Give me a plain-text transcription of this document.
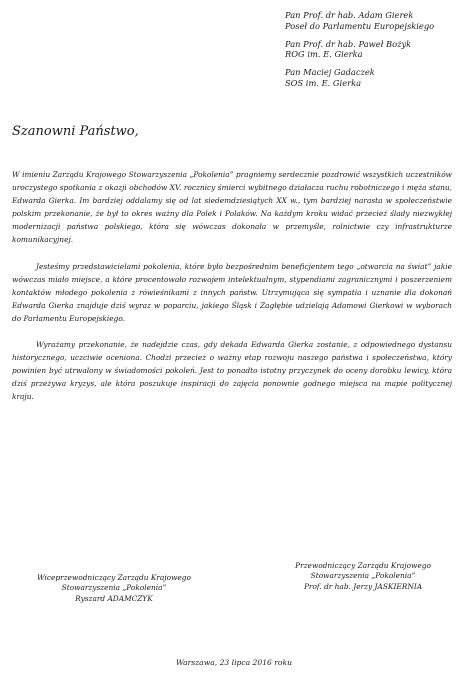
Pan Prof. dr hab. Adam Gierek
Poseł do Parlamentu Europejskiego
Pan Prof. dr hab. Paweł Bożyk
ROG im. E. Gierka
Pan Maciej Gadaczek
SOS im. E. Gierka
Szanowni Państwo,

W imieniu Zarządu Krajowego Stowarzyszenia „Pokolenia” pragniemy serdecznie pozdrowić wszystkich uczestników uroczystego spotkania z okazji obchodów XV. rocznicy śmierci wybitnego działacza ruchu robotniczego i męża stanu, Edwarda Gierka. Im bardziej oddalamy się od lat siedemdziesiątych XX w., tym bardziej narasta w społeczeństwie polskim przekonanie, że był to okres ważny dla Polek i Polaków. Na każdym kroku widać przecież ślady niezwykłej modernizacji państwa polskiego, która się wówczas dokonała w przemyśle, rolnictwie czy infrastrukturze komunikacyjnej.

Jesteśmy przedstawicielami pokolenia, które było bezpośrednim beneficjentem tego „otwarcia na świat” jakie wówczas miało miejsce, a które procentowało rozwojem intelektualnym, stypendiami zagranicznymi i poszerzeniem kontaktów młodego pokolenia z rówieśnikami z innych państw. Utrzymująca się sympatia i uznanie dla dokonań Edwarda Gierka znajduje dziś wyraz w poparciu, jakiego Śląsk i Zagłębie udzielają Adamowi Gierkowi w wyborach do Parlamentu Europejskiego.

Wyrażamy przekonanie, że nadejdzie czas, gdy dekada Edwarda Gierka zostanie, z odpowiednego dystansu historycznego, uczciwie oceniona. Chodzi przecież o ważny etap rozwoju naszego państwa i społeczeństwa, który powinien być utrwalony w świadomości pokoleń. Jest to ponadto istotny przyczynek do oceny dorobku lewicy, która dziś przeżywa kryzys, ale która poszukuje inspiracji do zajęcia ponownie godnego miejsca na mapie politycznej kraju.

Wiceprzewodniczący Zarządu Krajowego
Stowarzyszenia „Pokolenia”
Ryszard ADAMCZYK
Przewodniczący Zarządu Krajowego
Stowarzyszenia „Pokolenia”
Prof. dr hab. Jerzy JASKIERNIA
Warszawa, 23 lipca 2016 roku
